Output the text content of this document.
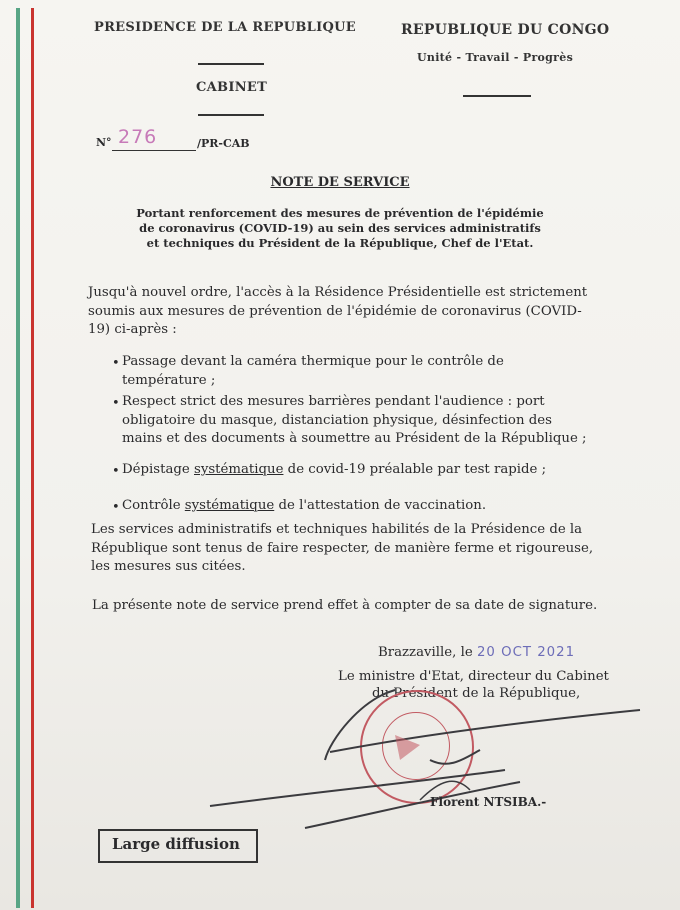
PRESIDENCE DE LA REPUBLIQUE
CABINET
REPUBLIQUE DU CONGO
Unité - Travail - Progrès
N° 276	/PR-CAB
NOTE DE SERVICE
Portant renforcement des mesures de prévention de l'épidémie
de coronavirus (COVID-19) au sein des services administratifs
et techniques du Président de la République, Chef de l'Etat.
Jusqu'à nouvel ordre, l'accès à la Résidence Présidentielle est strictement
soumis aux mesures de prévention de l'épidémie de coronavirus (COVID-
19) ci-après :
• Passage devant la caméra thermique pour le contrôle de
température ;
• Respect strict des mesures barrières pendant l'audience : port
obligatoire du masque, distanciation physique, désinfection des
mains et des documents à soumettre au Président de la République ;
• Dépistage systématique de covid-19 préalable par test rapide ;
• Contrôle systématique de l'attestation de vaccination.
Les services administratifs et techniques habilités de la Présidence de la
République sont tenus de faire respecter, de manière ferme et rigoureuse,
les mesures sus citées.
La présente note de service prend effet à compter de sa date de signature.
Brazzaville, le 20 OCT 2021
Le ministre d'Etat, directeur du Cabinet
du Président de la République,
Florent NTSIBA.-
Large diffusion
